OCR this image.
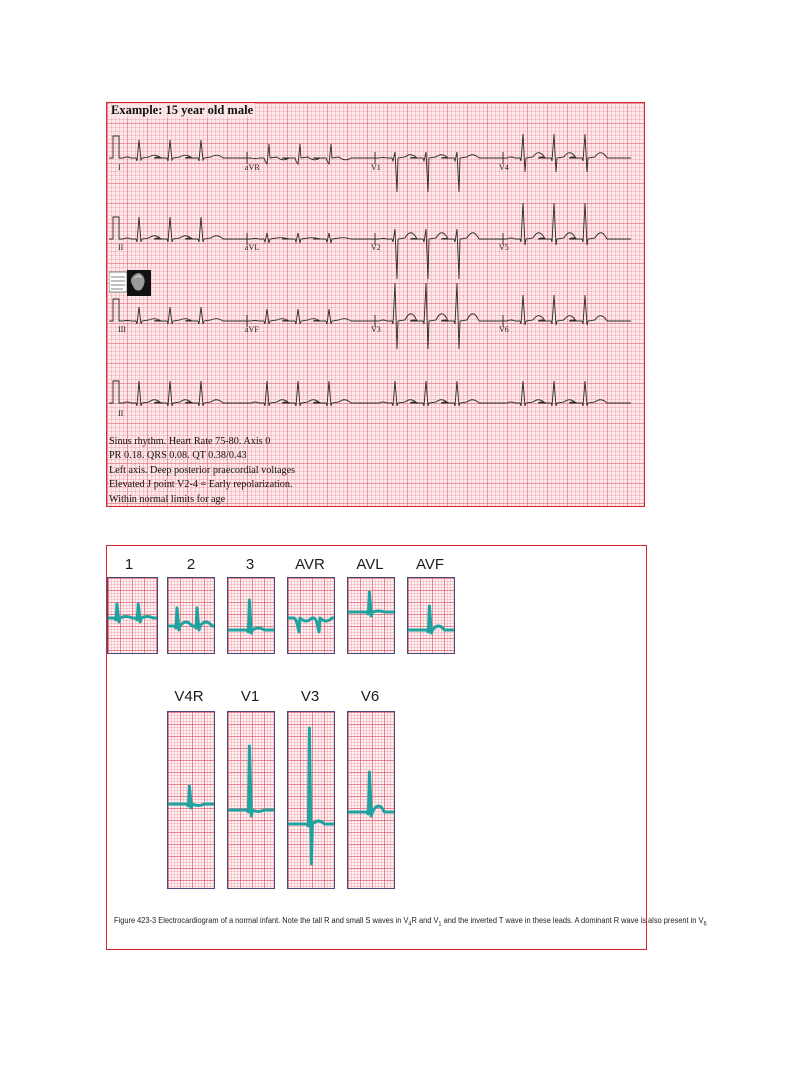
Example: 15 year old male
I	aVR	V1	V4
II	aVL	V2	V5
III	aVF	V3	V6
II
Sinus rhythm. Heart Rate 75-80. Axis 0
PR 0.18. QRS 0.08. QT 0.38/0.43
Left axis. Deep posterior praecordial voltages
Elevated J point V2-4 = Early repolarization.
Within normal limits for age
1	2	3	AVR	AVL	AVF
V4R	V1	V3	V6
Figure 423-3 Electrocardiogram of a normal infant. Note the tall R and small S waves in $V_4R$ and $V_1$ and the inverted T wave in these leads. A dominant R wave is also present in $V_6$
